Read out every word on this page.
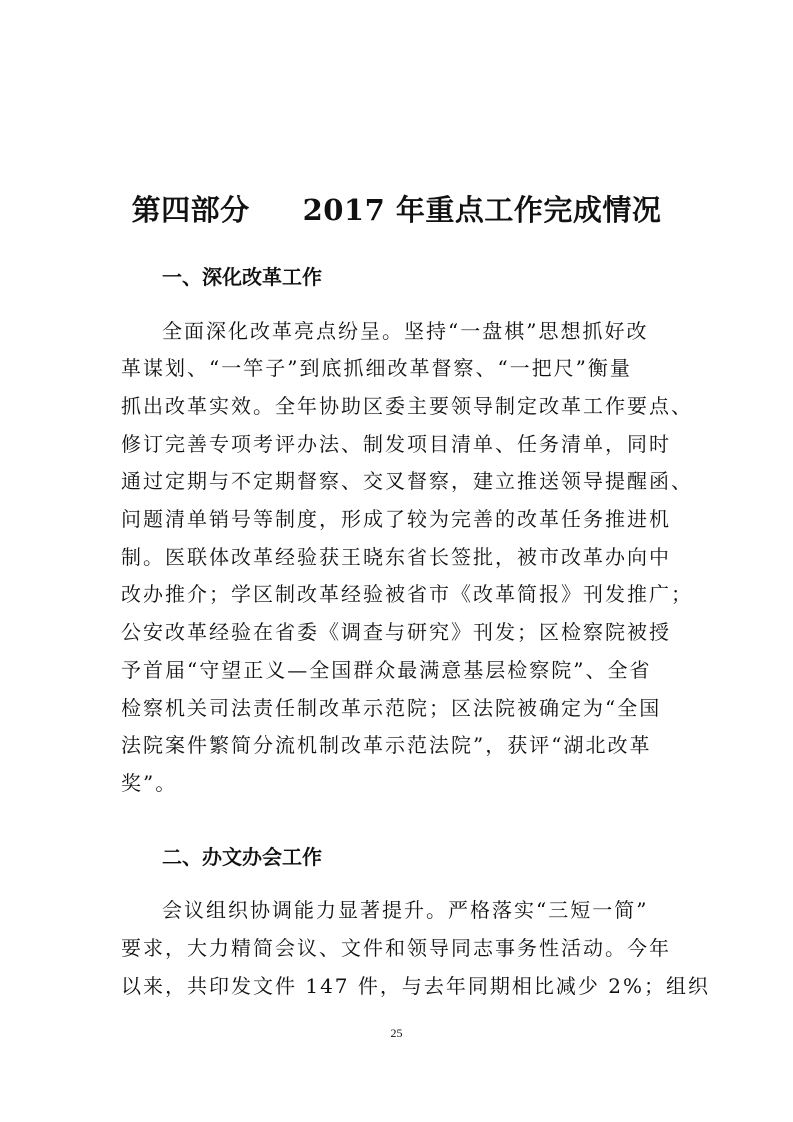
第四部分     2017 年重点工作完成情况
一、深化改革工作
全面深化改革亮点纷呈。坚持“一盘棋”思想抓好改
革谋划、“一竿子”到底抓细改革督察、“一把尺”衡量
抓出改革实效。全年协助区委主要领导制定改革工作要点、
修订完善专项考评办法、制发项目清单、任务清单，同时
通过定期与不定期督察、交叉督察，建立推送领导提醒函、
问题清单销号等制度，形成了较为完善的改革任务推进机
制。医联体改革经验获王晓东省长签批，被市改革办向中
改办推介；学区制改革经验被省市《改革简报》刊发推广；
公安改革经验在省委《调查与研究》刊发；区检察院被授
予首届“守望正义—全国群众最满意基层检察院”、全省
检察机关司法责任制改革示范院；区法院被确定为“全国
法院案件繁简分流机制改革示范法院”，获评“湖北改革
奖”。
二、办文办会工作
会议组织协调能力显著提升。严格落实“三短一简”
要求，大力精简会议、文件和领导同志事务性活动。今年
以来，共印发文件 147 件，与去年同期相比减少 2%；组织
25
